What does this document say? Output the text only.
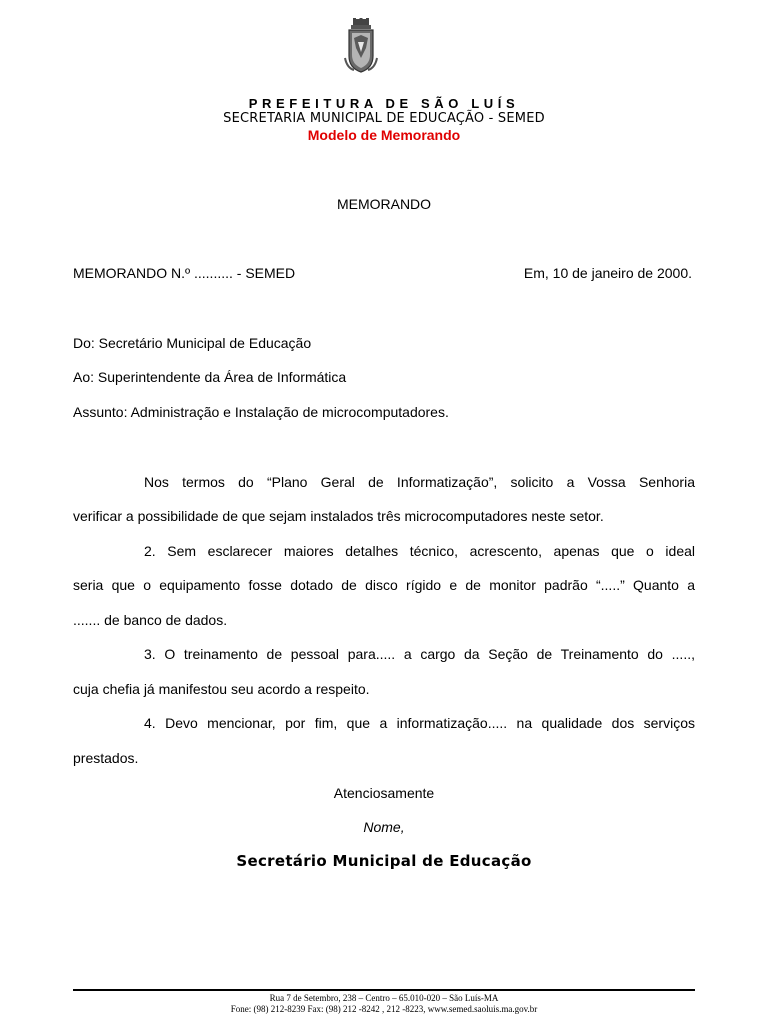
PREFEITURA DE SÃO LUÍS
SECRETARIA MUNICIPAL DE EDUCAÇÃO - SEMED
Modelo de Memorando
MEMORANDO
MEMORANDO N.º .......... - SEMED	Em, 10 de janeiro de 2000.
Do: Secretário Municipal de Educação
Ao: Superintendente da Área de Informática
Assunto: Administração e Instalação de microcomputadores.
Nos termos do “Plano Geral de Informatização”, solicito a Vossa Senhoria
verificar a possibilidade de que sejam instalados três microcomputadores neste setor.
2. Sem esclarecer maiores detalhes técnico, acrescento, apenas que o ideal
seria que o equipamento fosse dotado de disco rígido e de monitor padrão “.....” Quanto a
....... de banco de dados.
3. O treinamento de pessoal para..... a cargo da Seção de Treinamento do .....,
cuja chefia já manifestou seu acordo a respeito.
4. Devo mencionar, por fim, que a informatização..... na qualidade dos serviços
prestados.
Atenciosamente
Nome,
Secretário Municipal de Educação
Rua 7 de Setembro, 238 – Centro – 65.010-020 – São Luís-MA
Fone: (98) 212-8239 Fax: (98) 212 -8242 , 212 -8223, www.semed.saoluis.ma.gov.br
